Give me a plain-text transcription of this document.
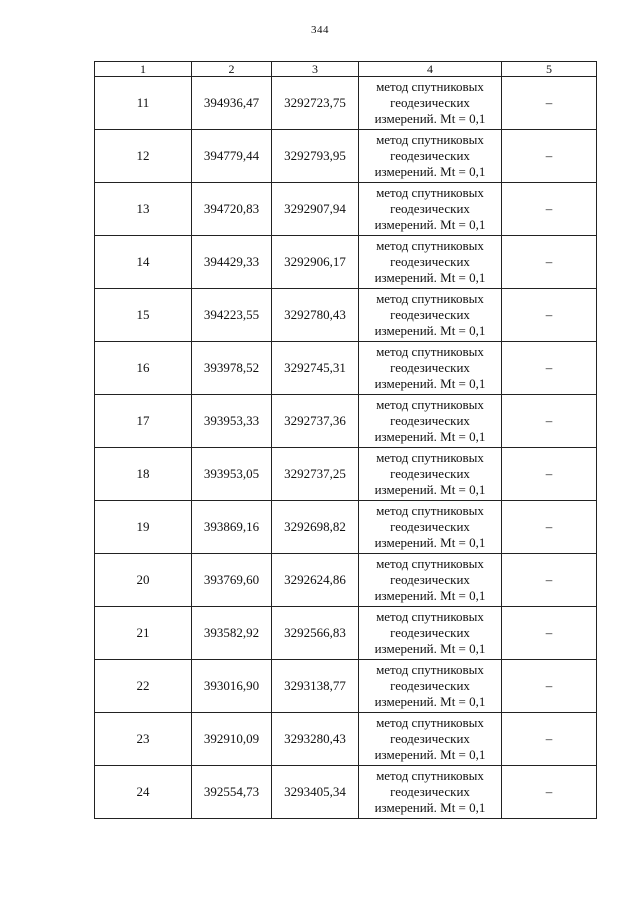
344
1	2	3	4	5
11	394936,47	3292723,75	метод спутниковых
геодезических
измерений. Mt = 0,1	–
12	394779,44	3292793,95	метод спутниковых
геодезических
измерений. Mt = 0,1	–
13	394720,83	3292907,94	метод спутниковых
геодезических
измерений. Mt = 0,1	–
14	394429,33	3292906,17	метод спутниковых
геодезических
измерений. Mt = 0,1	–
15	394223,55	3292780,43	метод спутниковых
геодезических
измерений. Mt = 0,1	–
16	393978,52	3292745,31	метод спутниковых
геодезических
измерений. Mt = 0,1	–
17	393953,33	3292737,36	метод спутниковых
геодезических
измерений. Mt = 0,1	–
18	393953,05	3292737,25	метод спутниковых
геодезических
измерений. Mt = 0,1	–
19	393869,16	3292698,82	метод спутниковых
геодезических
измерений. Mt = 0,1	–
20	393769,60	3292624,86	метод спутниковых
геодезических
измерений. Mt = 0,1	–
21	393582,92	3292566,83	метод спутниковых
геодезических
измерений. Mt = 0,1	–
22	393016,90	3293138,77	метод спутниковых
геодезических
измерений. Mt = 0,1	–
23	392910,09	3293280,43	метод спутниковых
геодезических
измерений. Mt = 0,1	–
24	392554,73	3293405,34	метод спутниковых
геодезических
измерений. Mt = 0,1	–
